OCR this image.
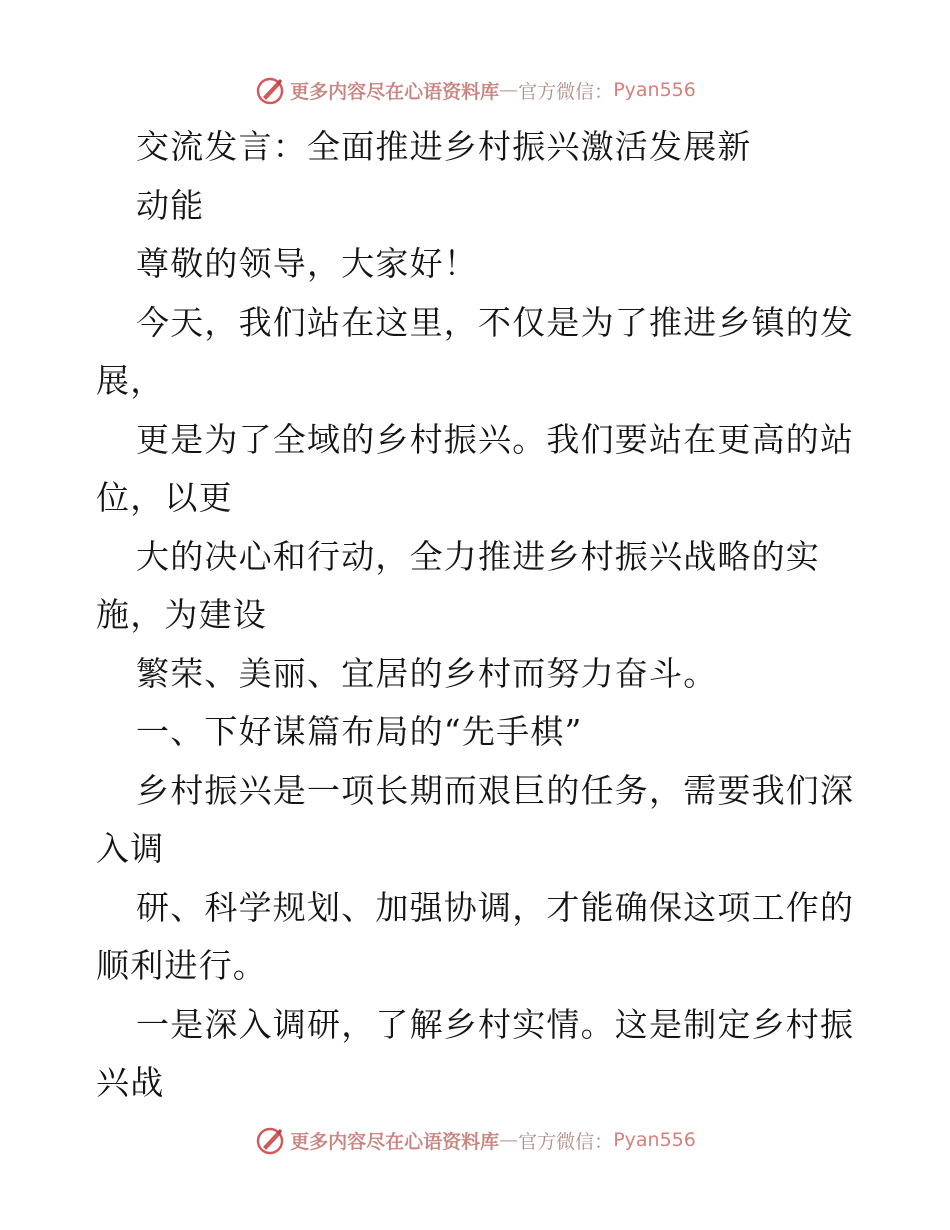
更多内容尽在心语资料库 — 官方微信： Pyan556
交流发言：全面推进乡村振兴激活发展新
动能
尊敬的领导，大家好！
今天，我们站在这里，不仅是为了推进乡镇的发
展，
更是为了全域的乡村振兴。我们要站在更高的站
位，以更
大的决心和行动，全力推进乡村振兴战略的实
施，为建设
繁荣、美丽、宜居的乡村而努力奋斗。
一、下好谋篇布局的“先手棋”
乡村振兴是一项长期而艰巨的任务，需要我们深
入调
研、科学规划、加强协调，才能确保这项工作的
顺利进行。
一是深入调研，了解乡村实情。这是制定乡村振
兴战
更多内容尽在心语资料库 — 官方微信： Pyan556
